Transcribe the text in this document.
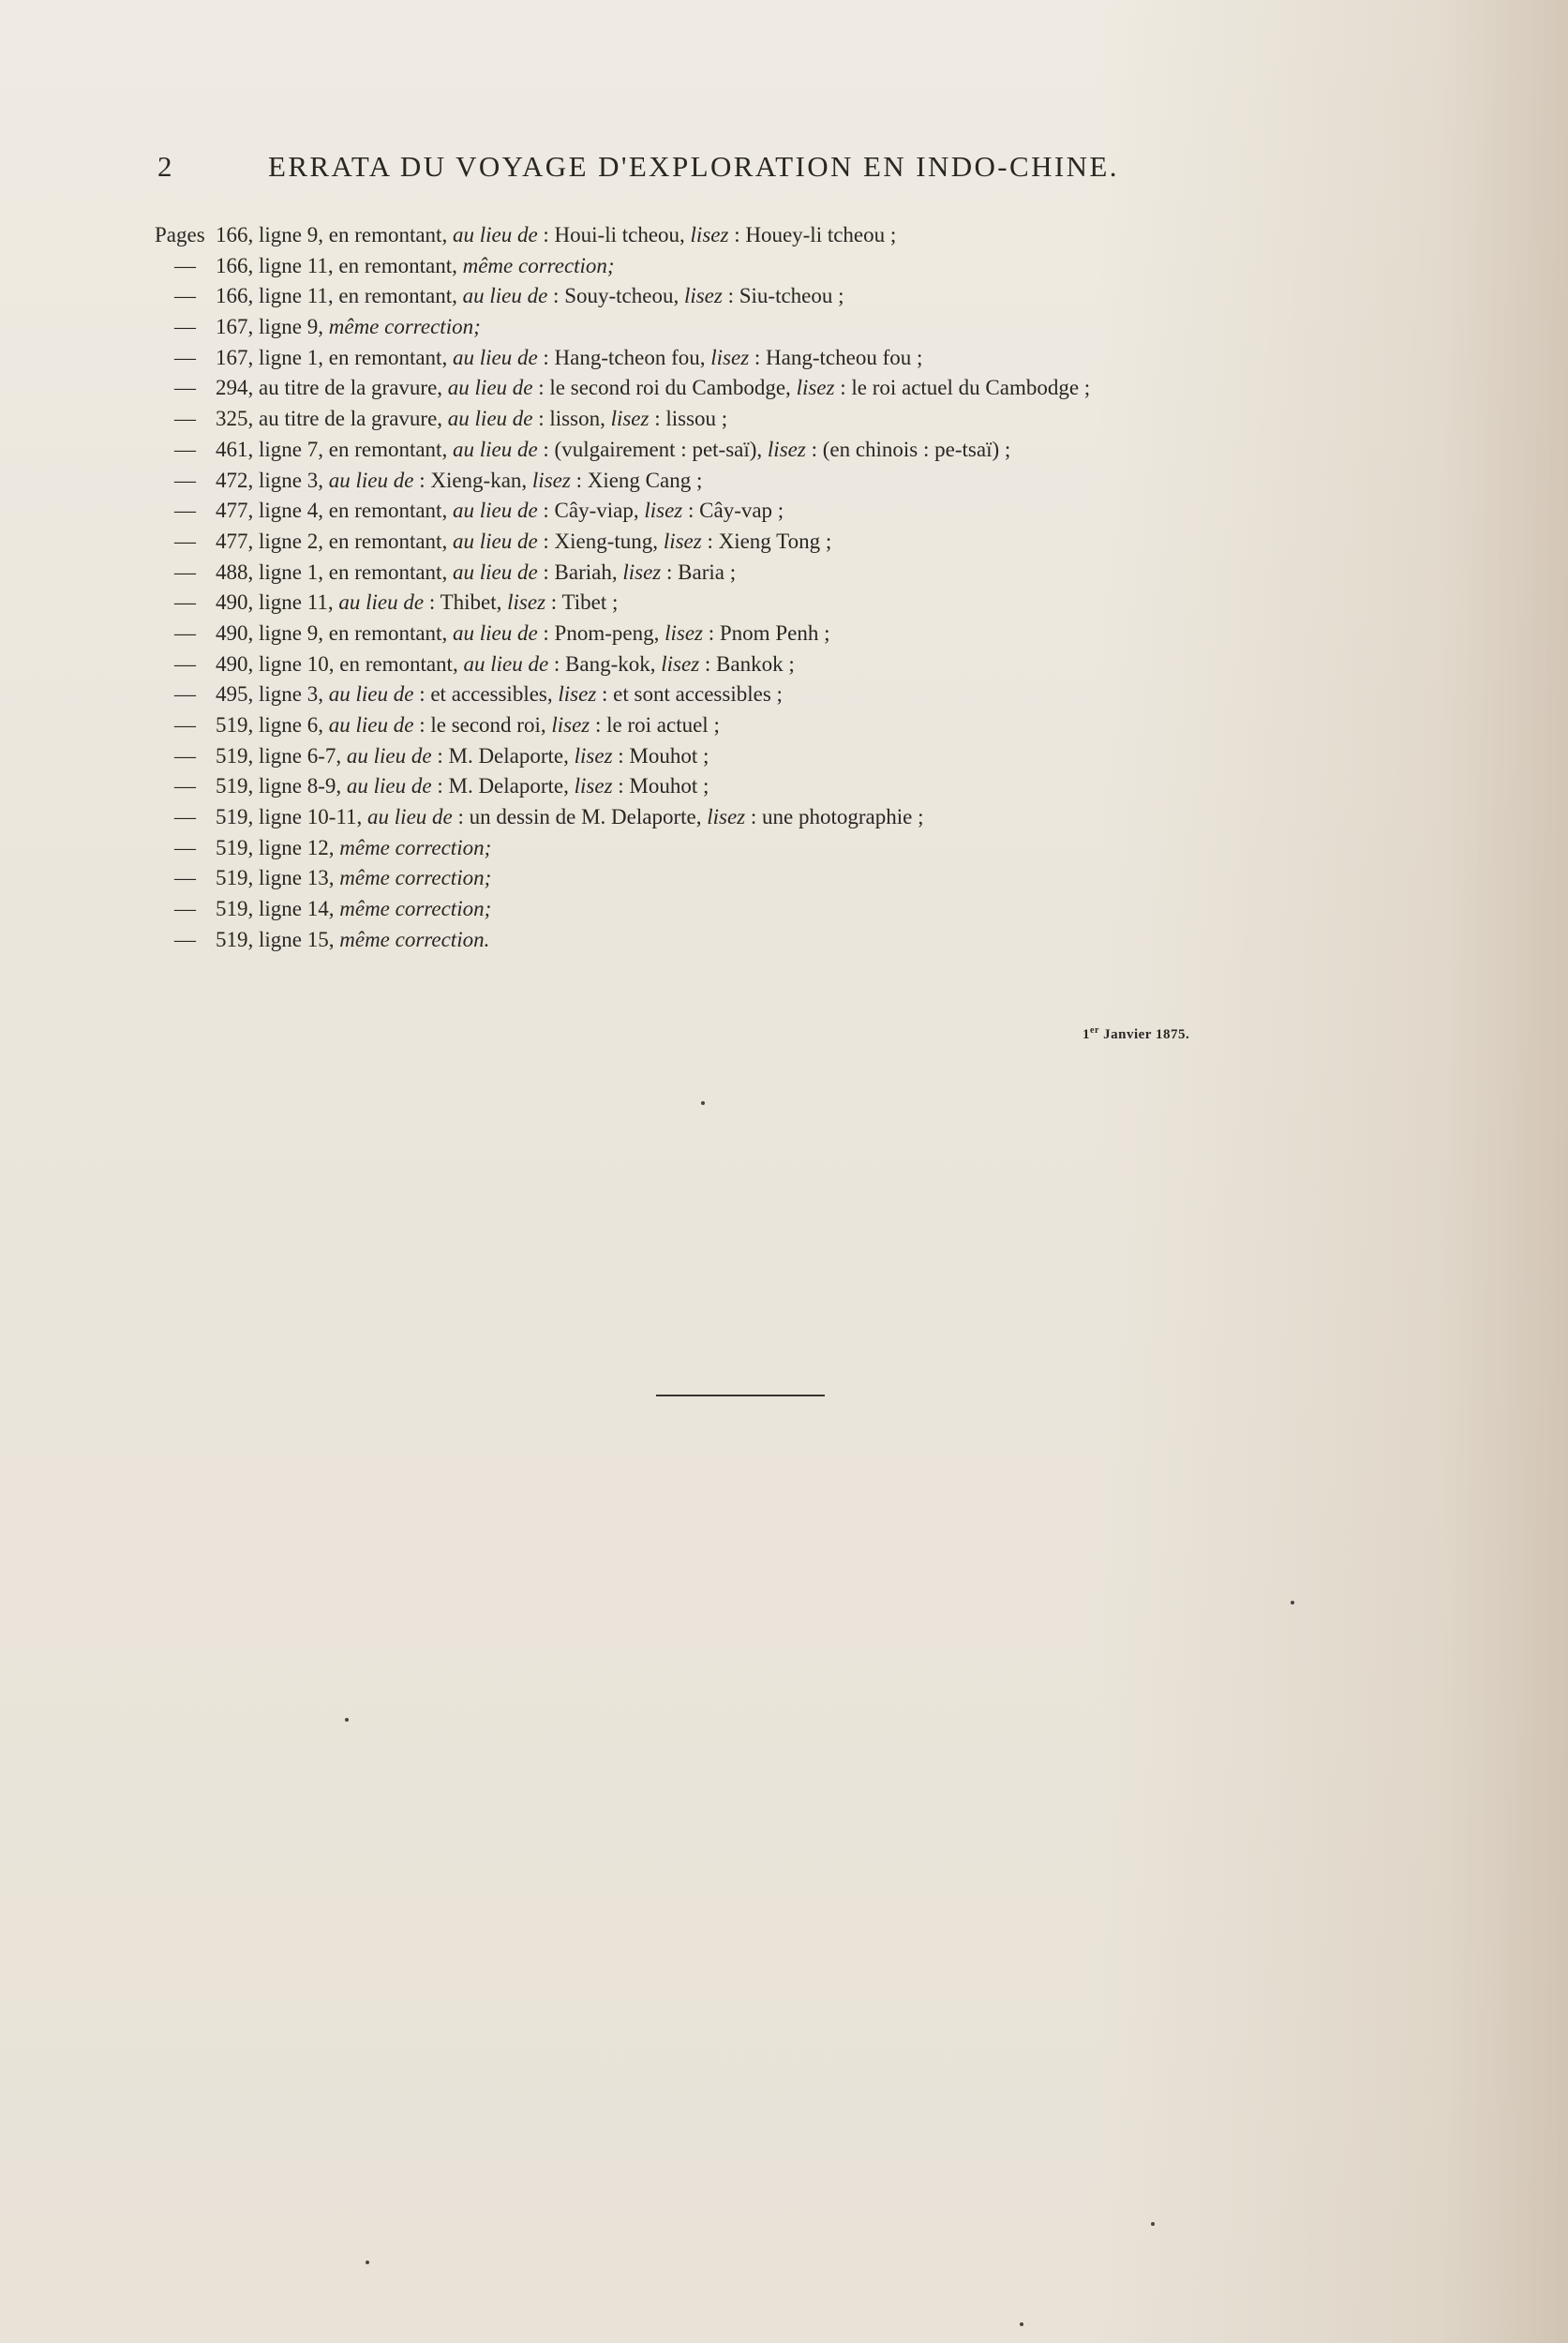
2	ERRATA DU VOYAGE D'EXPLORATION EN INDO-CHINE.
Pages 166, ligne 9, en remontant, au lieu de : Houi-li tcheou, lisez : Houey-li tcheou ;
— 166, ligne 11, en remontant, même correction;
— 166, ligne 11, en remontant, au lieu de : Souy-tcheou, lisez : Siu-tcheou ;
— 167, ligne 9, même correction;
— 167, ligne 1, en remontant, au lieu de : Hang-tcheon fou, lisez : Hang-tcheou fou ;
— 294, au titre de la gravure, au lieu de : le second roi du Cambodge, lisez : le roi actuel du Cambodge ;
— 325, au titre de la gravure, au lieu de : lisson, lisez : lissou ;
— 461, ligne 7, en remontant, au lieu de : (vulgairement : pet-saï), lisez : (en chinois : pe-tsaï) ;
— 472, ligne 3, au lieu de : Xieng-kan, lisez : Xieng Cang ;
— 477, ligne 4, en remontant, au lieu de : Cây-viap, lisez : Cây-vap ;
— 477, ligne 2, en remontant, au lieu de : Xieng-tung, lisez : Xieng Tong ;
— 488, ligne 1, en remontant, au lieu de : Bariah, lisez : Baria ;
— 490, ligne 11, au lieu de : Thibet, lisez : Tibet ;
— 490, ligne 9, en remontant, au lieu de : Pnom-peng, lisez : Pnom Penh ;
— 490, ligne 10, en remontant, au lieu de : Bang-kok, lisez : Bankok ;
— 495, ligne 3, au lieu de : et accessibles, lisez : et sont accessibles ;
— 519, ligne 6, au lieu de : le second roi, lisez : le roi actuel ;
— 519, ligne 6-7, au lieu de : M. Delaporte, lisez : Mouhot ;
— 519, ligne 8-9, au lieu de : M. Delaporte, lisez : Mouhot ;
— 519, ligne 10-11, au lieu de : un dessin de M. Delaporte, lisez : une photographie ;
— 519, ligne 12, même correction;
— 519, ligne 13, même correction;
— 519, ligne 14, même correction;
— 519, ligne 15, même correction.
1er Janvier 1875.
